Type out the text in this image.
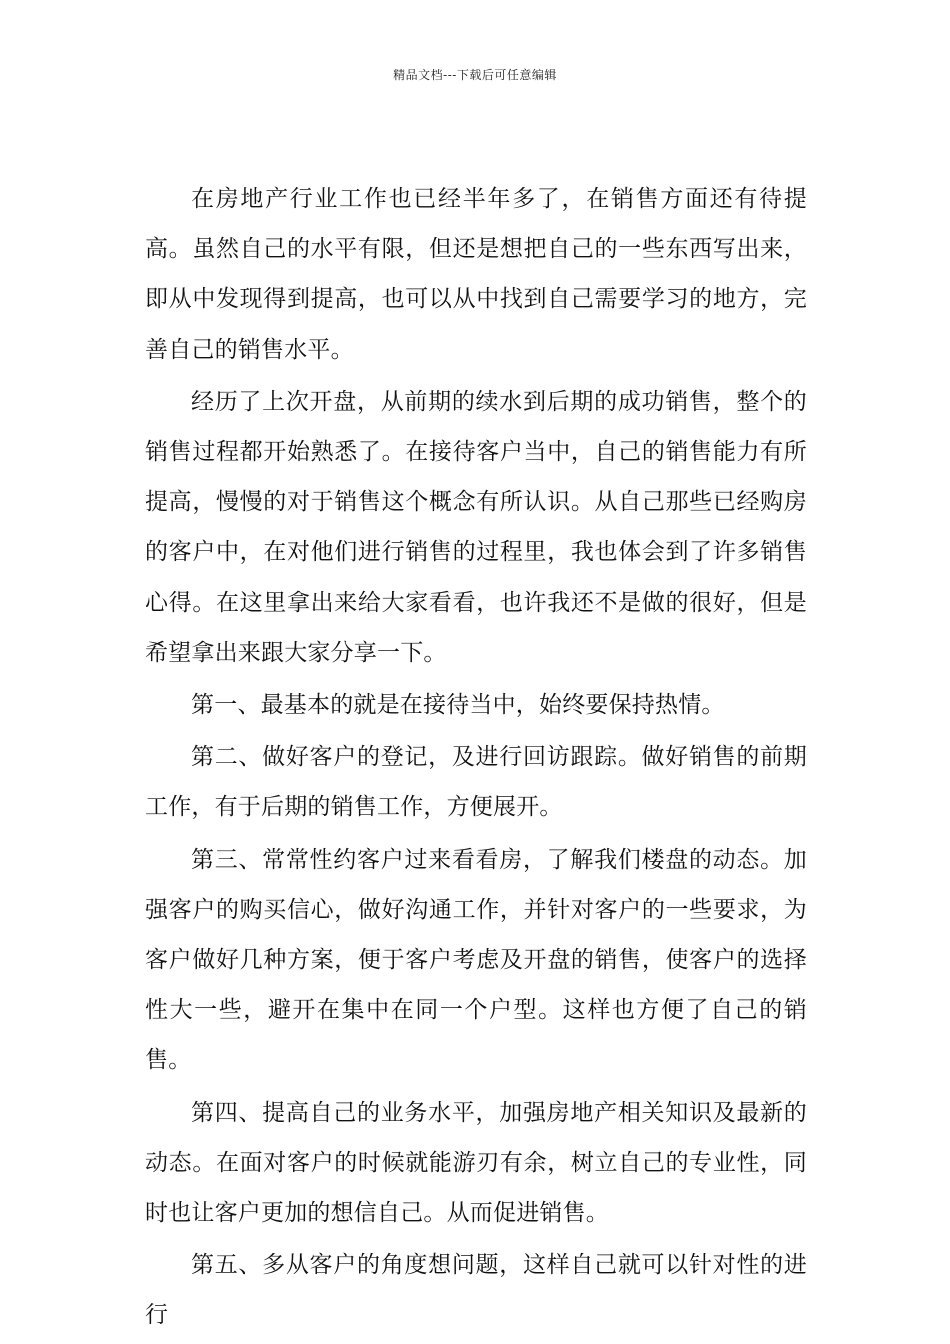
精品文档---下载后可任意编辑

在房地产行业工作也已经半年多了，在销售方面还有待提高。虽然自己的水平有限，但还是想把自己的一些东西写出来，即从中发现得到提高，也可以从中找到自己需要学习的地方，完善自己的销售水平。

经历了上次开盘，从前期的续水到后期的成功销售，整个的销售过程都开始熟悉了。在接待客户当中，自己的销售能力有所提高，慢慢的对于销售这个概念有所认识。从自己那些已经购房的客户中，在对他们进行销售的过程里，我也体会到了许多销售心得。在这里拿出来给大家看看，也许我还不是做的很好，但是希望拿出来跟大家分享一下。

第一、最基本的就是在接待当中，始终要保持热情。

第二、做好客户的登记，及进行回访跟踪。做好销售的前期工作，有于后期的销售工作，方便展开。

第三、常常性约客户过来看看房，了解我们楼盘的动态。加强客户的购买信心，做好沟通工作，并针对客户的一些要求，为客户做好几种方案，便于客户考虑及开盘的销售，使客户的选择性大一些，避开在集中在同一个户型。这样也方便了自己的销售。

第四、提高自己的业务水平，加强房地产相关知识及最新的动态。在面对客户的时候就能游刃有余，树立自己的专业性，同时也让客户更加的想信自己。从而促进销售。

第五、多从客户的角度想问题，这样自己就可以针对性的进行
